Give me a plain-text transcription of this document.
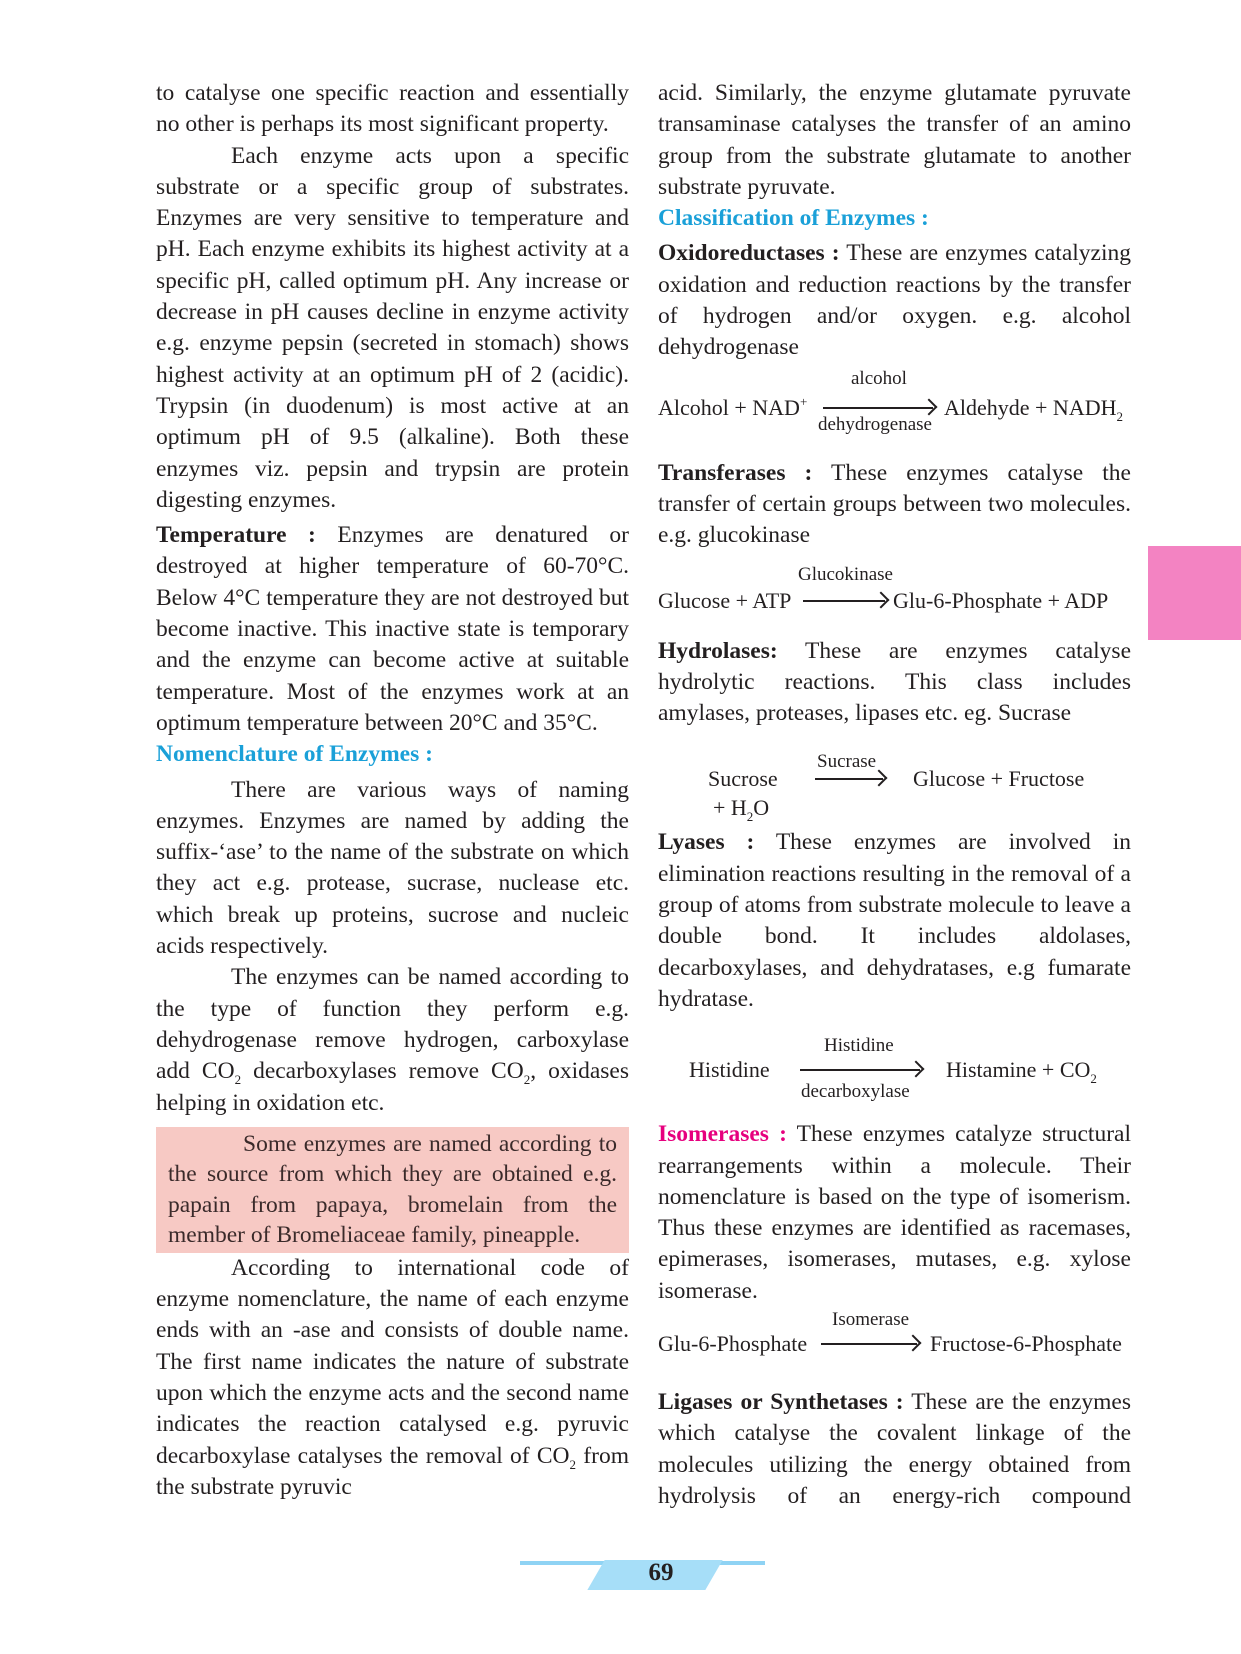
to catalyse one specific reaction and essentially no other is perhaps its most significant property.

Each enzyme acts upon a specific substrate or a specific group of substrates. Enzymes are very sensitive to temperature and pH. Each enzyme exhibits its highest activity at a specific pH, called optimum pH. Any increase or decrease in pH causes decline in enzyme activity e.g. enzyme pepsin (secreted in stomach) shows highest activity at an optimum pH of 2 (acidic). Trypsin (in duodenum) is most active at an optimum pH of 9.5 (alkaline). Both these enzymes viz. pepsin and trypsin are protein digesting enzymes.

Temperature : Enzymes are denatured or destroyed at higher temperature of 60-70°C. Below 4°C temperature they are not destroyed but become inactive. This inactive state is temporary and the enzyme can become active at suitable temperature. Most of the enzymes work at an optimum temperature between 20°C and 35°C.

Nomenclature of Enzymes :

There are various ways of naming enzymes. Enzymes are named by adding the suffix-‘ase’ to the name of the substrate on which they act e.g. protease, sucrase, nuclease etc. which break up proteins, sucrose and nucleic acids respectively.

The enzymes can be named according to the type of function they perform e.g. dehydrogenase remove hydrogen, carboxylase add $CO_2$ decarboxylases remove $CO_2$, oxidases helping in oxidation etc.

Some enzymes are named according to the source from which they are obtained e.g. papain from papaya, bromelain from the member of Bromeliaceae family, pineapple.

According to international code of enzyme nomenclature, the name of each enzyme ends with an -ase and consists of double name. The first name indicates the nature of substrate upon which the enzyme acts and the second name indicates the reaction catalysed e.g. pyruvic decarboxylase catalyses the removal of $CO_2$ from the substrate pyruvic

acid. Similarly, the enzyme glutamate pyruvate transaminase catalyses the transfer of an amino group from the substrate glutamate to another substrate pyruvate.

Classification of Enzymes :

Oxidoreductases : These are enzymes catalyzing oxidation and reduction reactions by the transfer of hydrogen and/or oxygen. e.g. alcohol dehydrogenase

Alcohol + NAD+
alcohol
dehydrogenase
Aldehyde + $NADH_2$

Transferases : These enzymes catalyse the transfer of certain groups between two molecules. e.g. glucokinase

Glucose + ATP
Glucokinase
Glu-6-Phosphate + ADP

Hydrolases: These are enzymes catalyse hydrolytic reactions. This class includes amylases, proteases, lipases etc. eg. Sucrase

Sucrose
+ $H_2O$
Sucrase
Glucose + Fructose

Lyases : These enzymes are involved in elimination reactions resulting in the removal of a group of atoms from substrate molecule to leave a double bond. It includes aldolases, decarboxylases, and dehydratases, e.g fumarate hydratase.

Histidine
Histidine
decarboxylase
Histamine + $CO_2$

Isomerases : These enzymes catalyze structural rearrangements within a molecule. Their nomenclature is based on the type of isomerism. Thus these enzymes are identified as racemases, epimerases, isomerases, mutases, e.g. xylose isomerase.

Glu-6-Phosphate
Isomerase
Fructose-6-Phosphate

Ligases or Synthetases : These are the enzymes which catalyse the covalent linkage of the molecules utilizing the energy obtained from hydrolysis of an energy-rich compound

69
